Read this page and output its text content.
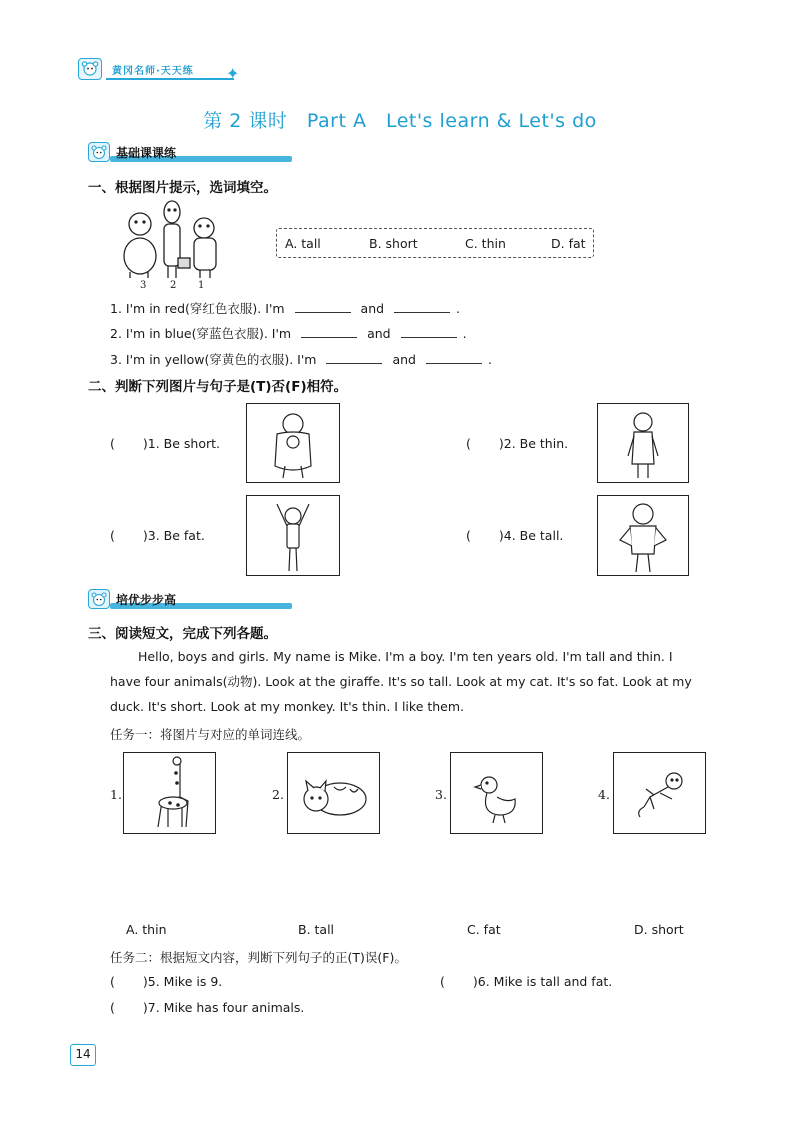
黄冈名师·天天练 ✦
第 2 课时　Part A　Let's learn & Let's do
基础课课练
一、根据图片提示，选词填空。
3 2 1
A. tall	B. short	C. thin	D. fat
1. I'm in red(穿红色衣服). I'm	and	.
2. I'm in blue(穿蓝色衣服). I'm	and	.
3. I'm in yellow(穿黄色的衣服). I'm	and	.
二、判断下列图片与句子是(T)否(F)相符。
( )1. Be short.	( )2. Be thin.
( )3. Be fat.	( )4. Be tall.
培优步步高
三、阅读短文，完成下列各题。

Hello, boys and girls. My name is Mike. I'm a boy. I'm ten years old. I'm tall and thin. I have four animals(动物). Look at the giraffe. It's so tall. Look at my cat. It's so fat. Look at my duck. It's short. Look at my monkey. It's thin. I like them.

任务一：将图片与对应的单词连线。
1.	2.	3.	4.
A. thin	B. tall	C. fat	D. short
任务二：根据短文内容，判断下列句子的正(T)误(F)。
( )5. Mike is 9.	( )6. Mike is tall and fat.
( )7. Mike has four animals.
14
